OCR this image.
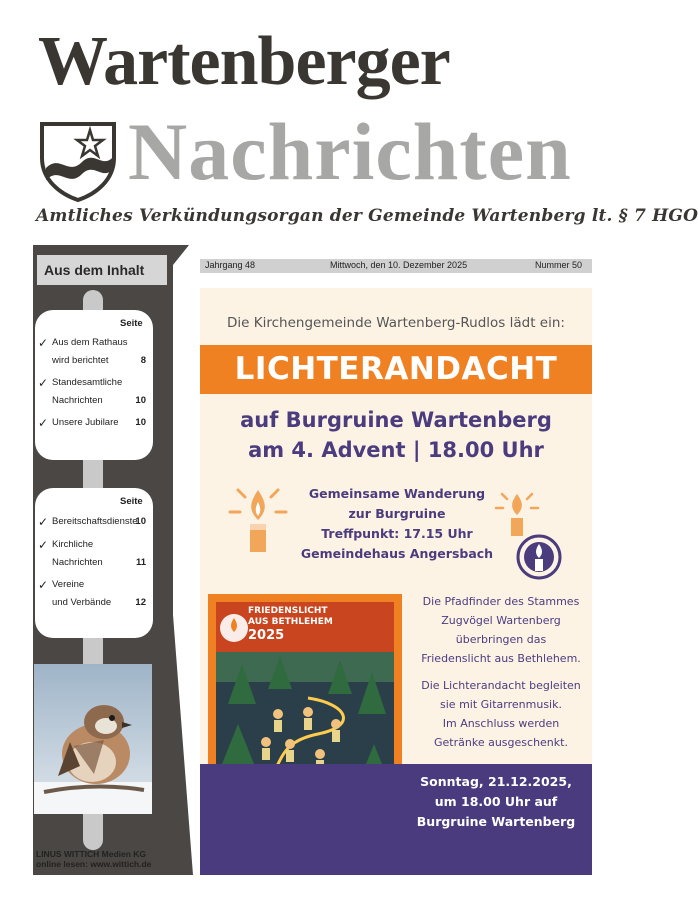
Wartenberger
Nachrichten
Amtliches Verkündungsorgan der Gemeinde Wartenberg lt. § 7 HGO
Aus dem Inhalt
Seite
✓ Aus dem Rathaus
wird berichtet	8
✓ Standesamtliche
Nachrichten	10
✓ Unsere Jubilare 10
Seite
✓ Bereitschaftsdienste
10
✓ Kirchliche
Nachrichten	11
✓ Vereine
und Verbände	12
LINUS WITTICH Medien KG
online lesen: www.wittich.de
Jahrgang 48	Mittwoch, den 10. Dezember 2025	Nummer 50
Die Kirchengemeinde Wartenberg-Rudlos lädt ein:
LICHTERANDACHT
auf Burgruine Wartenberg
am 4. Advent | 18.00 Uhr
Gemeinsame Wanderung
zur Burgruine
Treffpunkt: 17.15 Uhr
Gemeindehaus Angersbach
FRIEDENSLICHT
AUS BETHLEHEM
2025
Die Pfadfinder des Stammes
Zugvögel Wartenberg
überbringen das
Friedenslicht aus Bethlehem.
Die Lichterandacht begleiten
sie mit Gitarrenmusik.
Im Anschluss werden
Getränke ausgeschenkt.
Sonntag, 21.12.2025,
um 18.00 Uhr auf
Burgruine Wartenberg
